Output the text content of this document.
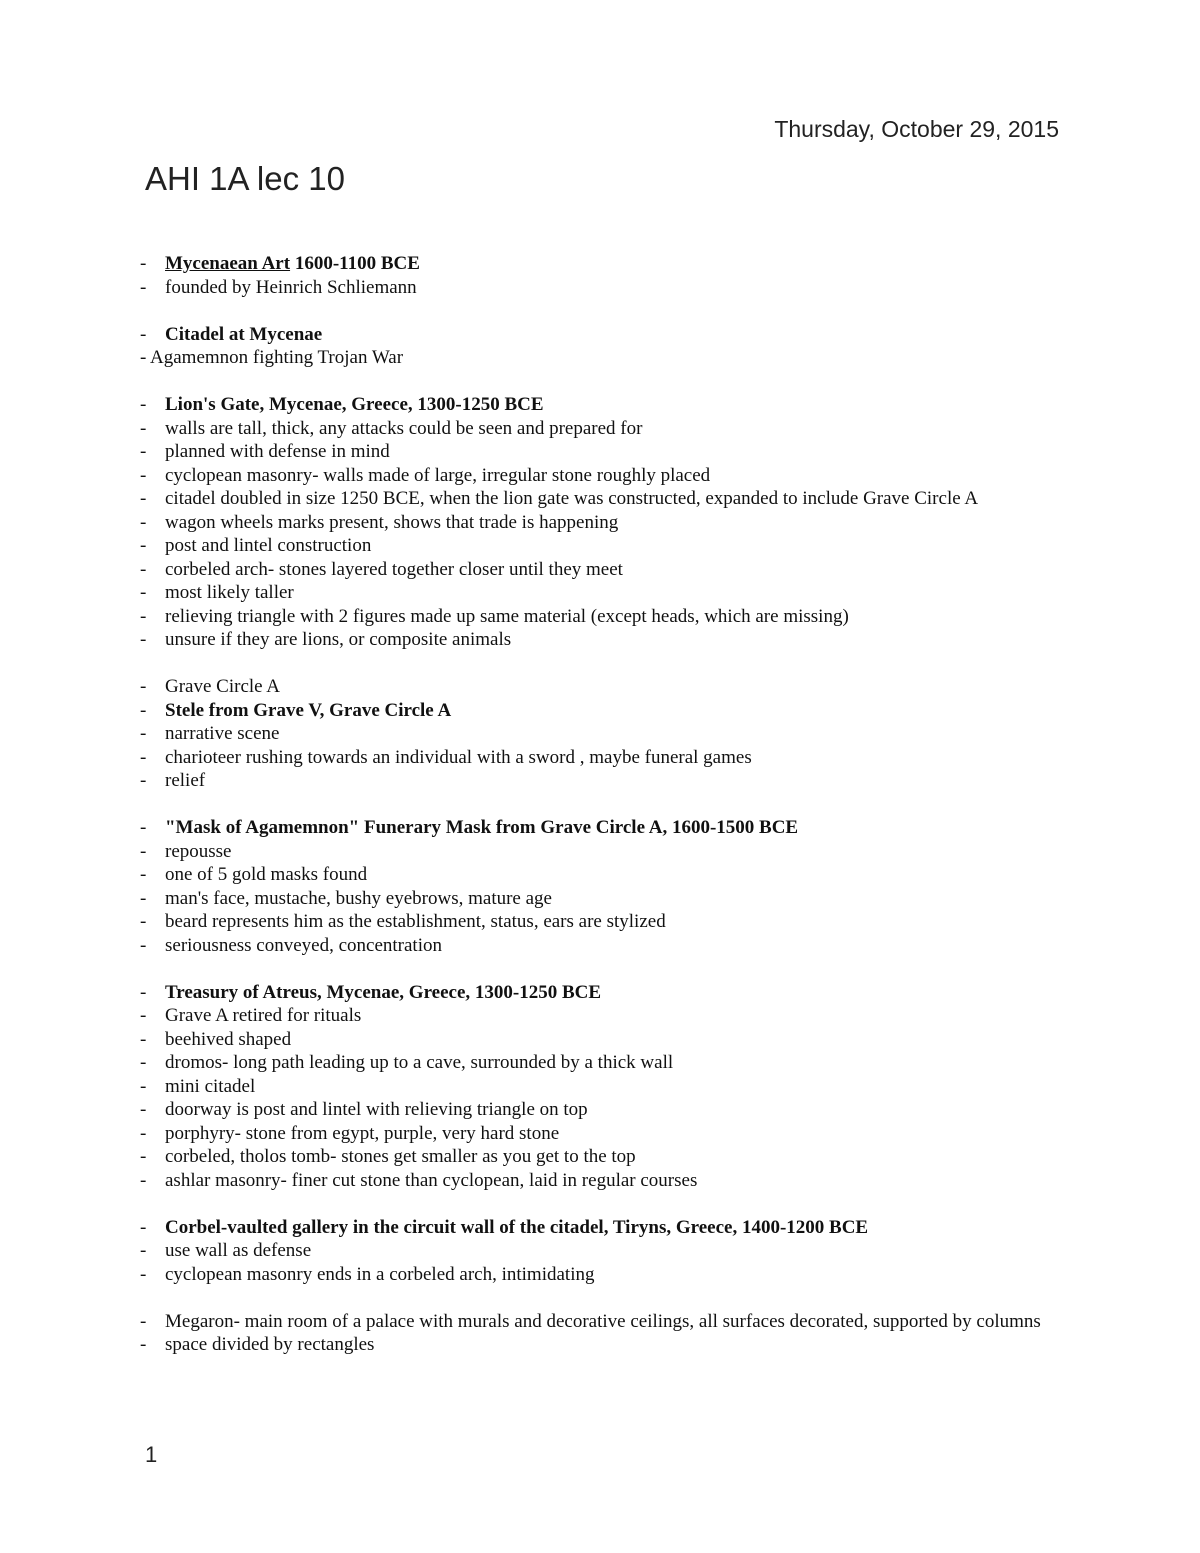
Thursday, October 29, 2015
AHI 1A lec 10
- Mycenaean Art 1600-1100 BCE
- founded by Heinrich Schliemann
- Citadel at Mycenae
- Agamemnon fighting Trojan War
- Lion's Gate, Mycenae, Greece, 1300-1250 BCE
- walls are tall, thick, any attacks could be seen and prepared for
- planned with defense in mind
- cyclopean masonry- walls made of large, irregular stone roughly placed
- citadel doubled in size 1250 BCE, when the lion gate was constructed, expanded to include Grave Circle A
- wagon wheels marks present, shows that trade is happening
- post and lintel construction
- corbeled arch- stones layered together closer until they meet
- most likely taller
- relieving triangle with 2 figures made up same material (except heads, which are missing)
- unsure if they are lions, or composite animals
- Grave Circle A
- Stele from Grave V, Grave Circle A
- narrative scene
- charioteer rushing towards an individual with a sword , maybe funeral games
- relief
- "Mask of Agamemnon" Funerary Mask from Grave Circle A, 1600-1500 BCE
- repousse
- one of 5 gold masks found
- man's face, mustache, bushy eyebrows, mature age
- beard represents him as the establishment, status, ears are stylized
- seriousness conveyed, concentration
- Treasury of Atreus, Mycenae, Greece, 1300-1250 BCE
- Grave A retired for rituals
- beehived shaped
- dromos- long path leading up to a cave, surrounded by a thick wall
- mini citadel
- doorway is post and lintel with relieving triangle on top
- porphyry- stone from egypt, purple, very hard stone
- corbeled, tholos tomb- stones get smaller as you get to the top
- ashlar masonry- finer cut stone than cyclopean, laid in regular courses
- Corbel-vaulted gallery in the circuit wall of the citadel, Tiryns, Greece, 1400-1200 BCE
- use wall as defense
- cyclopean masonry ends in a corbeled arch, intimidating
- Megaron- main room of a palace with murals and decorative ceilings, all surfaces decorated, supported by columns
- space divided by rectangles
1
